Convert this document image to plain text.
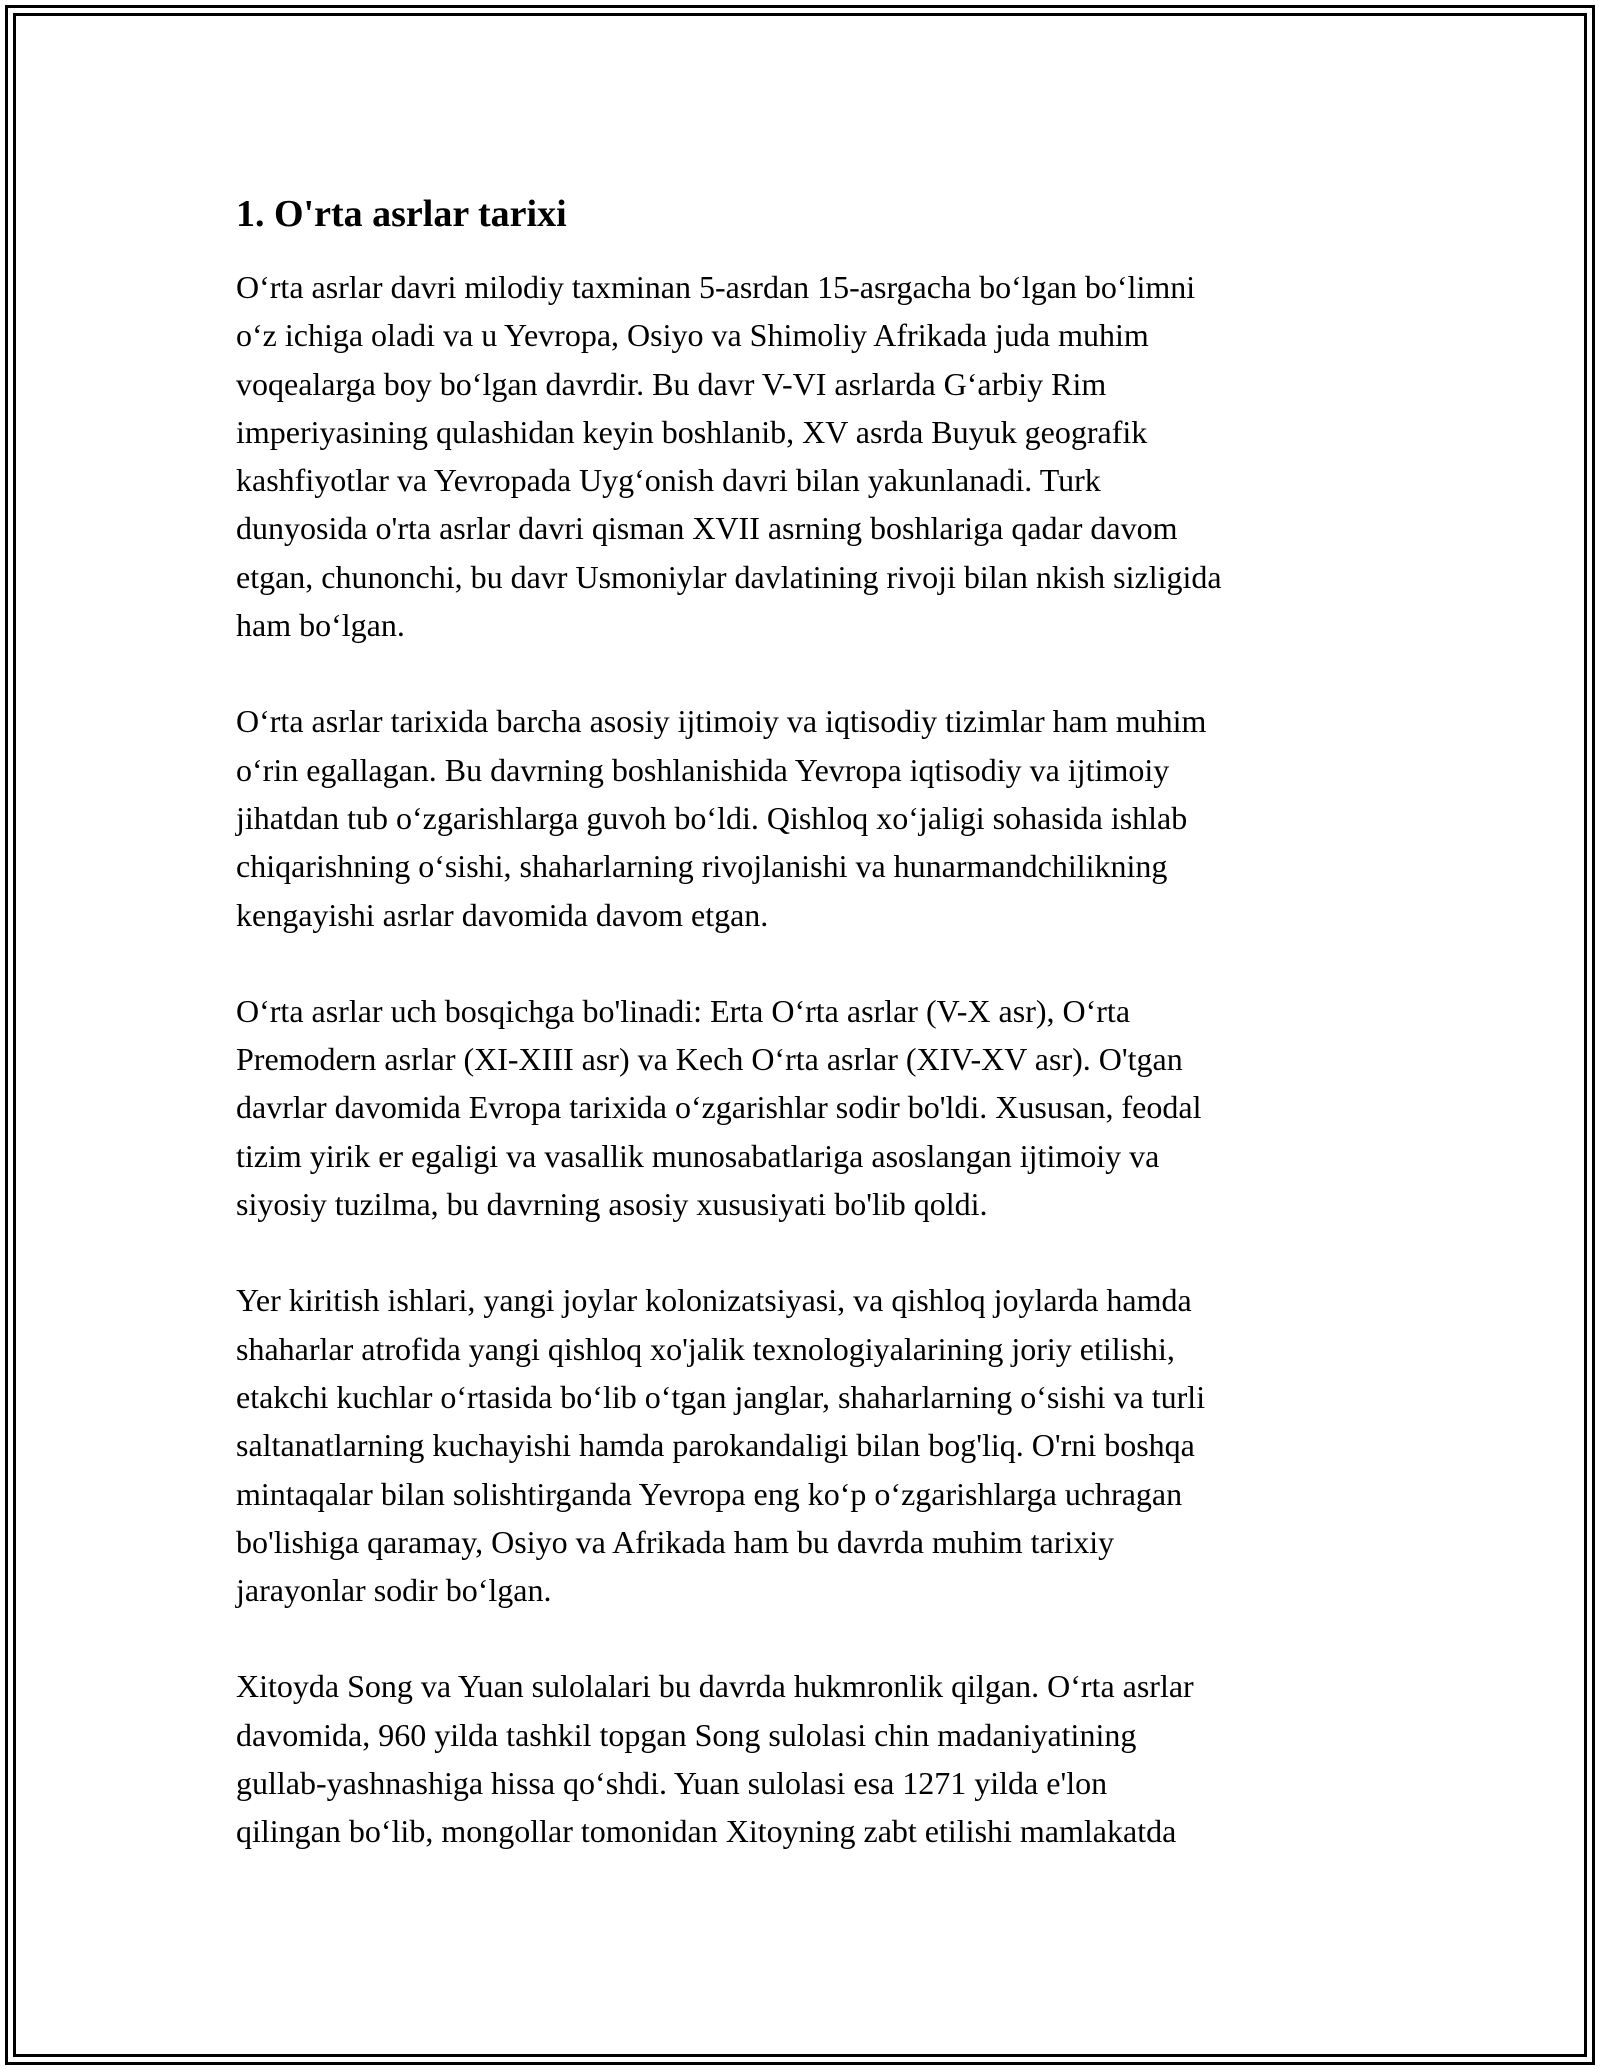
1. O'rta asrlar tarixi

O‘rta asrlar davri milodiy taxminan 5-asrdan 15-asrgacha bo‘lgan bo‘limni
o‘z ichiga oladi va u Yevropa, Osiyo va Shimoliy Afrikada juda muhim
voqealarga boy bo‘lgan davrdir. Bu davr V-VI asrlarda G‘arbiy Rim
imperiyasining qulashidan keyin boshlanib, XV asrda Buyuk geografik
kashfiyotlar va Yevropada Uyg‘onish davri bilan yakunlanadi. Turk
dunyosida o'rta asrlar davri qisman XVII asrning boshlariga qadar davom
etgan, chunonchi, bu davr Usmoniylar davlatining rivoji bilan nkish sizligida
ham bo‘lgan.

O‘rta asrlar tarixida barcha asosiy ijtimoiy va iqtisodiy tizimlar ham muhim
o‘rin egallagan. Bu davrning boshlanishida Yevropa iqtisodiy va ijtimoiy
jihatdan tub o‘zgarishlarga guvoh bo‘ldi. Qishloq xo‘jaligi sohasida ishlab
chiqarishning o‘sishi, shaharlarning rivojlanishi va hunarmandchilikning
kengayishi asrlar davomida davom etgan.

O‘rta asrlar uch bosqichga bo'linadi: Erta O‘rta asrlar (V-X asr), O‘rta
Premodern asrlar (XI-XIII asr) va Kech O‘rta asrlar (XIV-XV asr). O'tgan
davrlar davomida Evropa tarixida o‘zgarishlar sodir bo'ldi. Xususan, feodal
tizim yirik er egaligi va vasallik munosabatlariga asoslangan ijtimoiy va
siyosiy tuzilma, bu davrning asosiy xususiyati bo'lib qoldi.

Yer kiritish ishlari, yangi joylar kolonizatsiyasi, va qishloq joylarda hamda
shaharlar atrofida yangi qishloq xo'jalik texnologiyalarining joriy etilishi,
etakchi kuchlar o‘rtasida bo‘lib o‘tgan janglar, shaharlarning o‘sishi va turli
saltanatlarning kuchayishi hamda parokandaligi bilan bog'liq. O'rni boshqa
mintaqalar bilan solishtirganda Yevropa eng ko‘p o‘zgarishlarga uchragan
bo'lishiga qaramay, Osiyo va Afrikada ham bu davrda muhim tarixiy
jarayonlar sodir bo‘lgan.

Xitoyda Song va Yuan sulolalari bu davrda hukmronlik qilgan. O‘rta asrlar
davomida, 960 yilda tashkil topgan Song sulolasi chin madaniyatining
gullab-yashnashiga hissa qo‘shdi. Yuan sulolasi esa 1271 yilda e'lon
qilingan bo‘lib, mongollar tomonidan Xitoyning zabt etilishi mamlakatda
